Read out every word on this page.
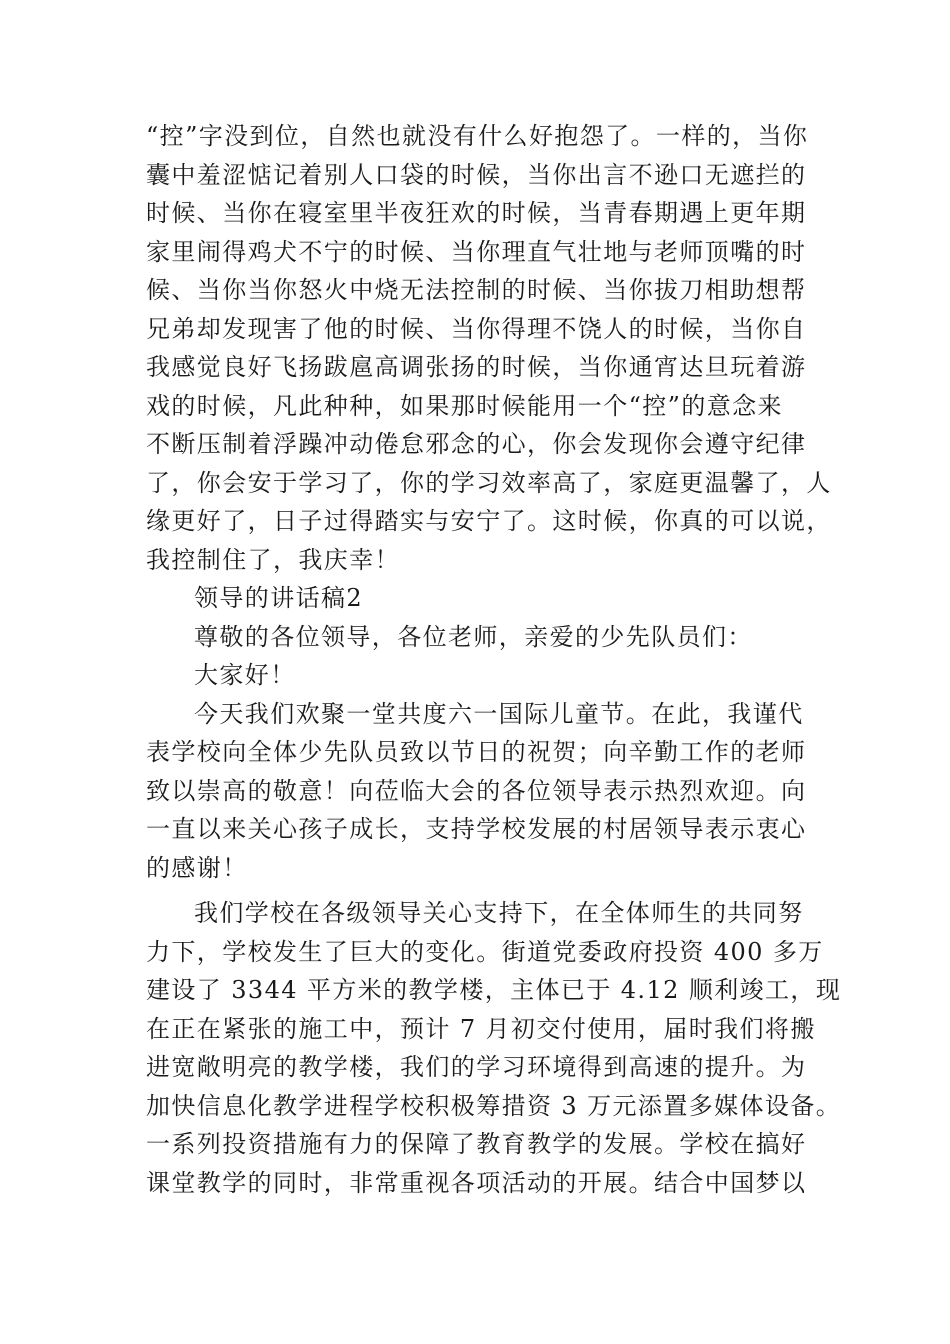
“控”字没到位，自然也就没有什么好抱怨了。一样的，当你
囊中羞涩惦记着别人口袋的时候，当你出言不逊口无遮拦的
时候、当你在寝室里半夜狂欢的时候，当青春期遇上更年期
家里闹得鸡犬不宁的时候、当你理直气壮地与老师顶嘴的时
候、当你当你怒火中烧无法控制的时候、当你拔刀相助想帮
兄弟却发现害了他的时候、当你得理不饶人的时候，当你自
我感觉良好飞扬跋扈高调张扬的时候，当你通宵达旦玩着游
戏的时候，凡此种种，如果那时候能用一个“控”的意念来
不断压制着浮躁冲动倦怠邪念的心，你会发现你会遵守纪律
了，你会安于学习了，你的学习效率高了，家庭更温馨了，人
缘更好了，日子过得踏实与安宁了。这时候，你真的可以说，
我控制住了，我庆幸！
领导的讲话稿2
尊敬的各位领导，各位老师，亲爱的少先队员们：
大家好！
今天我们欢聚一堂共度六一国际儿童节。在此，我谨代
表学校向全体少先队员致以节日的祝贺；向辛勤工作的老师
致以崇高的敬意！向莅临大会的各位领导表示热烈欢迎。向
一直以来关心孩子成长，支持学校发展的村居领导表示衷心
的感谢！
我们学校在各级领导关心支持下，在全体师生的共同努
力下，学校发生了巨大的变化。街道党委政府投资 400 多万
建设了 3344 平方米的教学楼，主体已于 4.12 顺利竣工，现
在正在紧张的施工中，预计 7 月初交付使用，届时我们将搬
进宽敞明亮的教学楼，我们的学习环境得到高速的提升。为
加快信息化教学进程学校积极筹措资 3 万元添置多媒体设备。
一系列投资措施有力的保障了教育教学的发展。学校在搞好
课堂教学的同时，非常重视各项活动的开展。结合中国梦以
